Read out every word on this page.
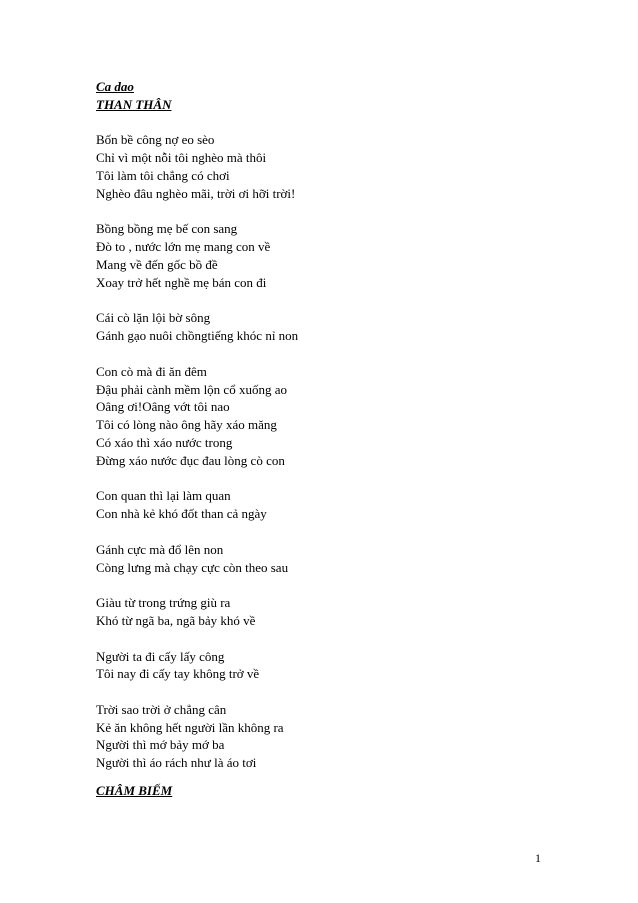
Ca dao
THAN THÂN
Bốn bề công nợ eo sèo
Chỉ vì một nỗi tôi nghèo mà thôi
Tôi làm tôi chẳng có chơi
Nghèo đâu nghèo mãi, trời ơi hỡi trời!
Bồng bồng mẹ bế con sang
Đò to , nước lớn mẹ mang con về
Mang về đến gốc bồ đề
Xoay trở hết nghề mẹ bán con đi
Cái cò lặn lội bờ sông
Gánh gạo nuôi chồngtiếng khóc nỉ non
Con cò mà đi ăn đêm
Đậu phải cành mềm lộn cổ xuống ao
Oâng ơi!Oâng vớt tôi nao
Tôi có lòng nào ông hãy xáo măng
Có xáo thì xáo nước trong
Đừng xáo nước đục đau lòng cò con
Con quan thì lại làm quan
Con nhà kẻ khó đốt than cả ngày
Gánh cực mà đổ lên non
Còng lưng mà chạy cực còn theo sau
Giàu từ trong trứng giù ra
Khó từ ngã ba, ngã bảy khó về
Người ta đi cấy lấy công
Tôi nay đi cấy tay không trở về
Trời sao trời ở chẳng cân
Kẻ ăn không hết người lần không ra
Người thì mớ bảy mớ ba
Người thì áo rách như là áo tơi
CHÂM BIẾM
1
